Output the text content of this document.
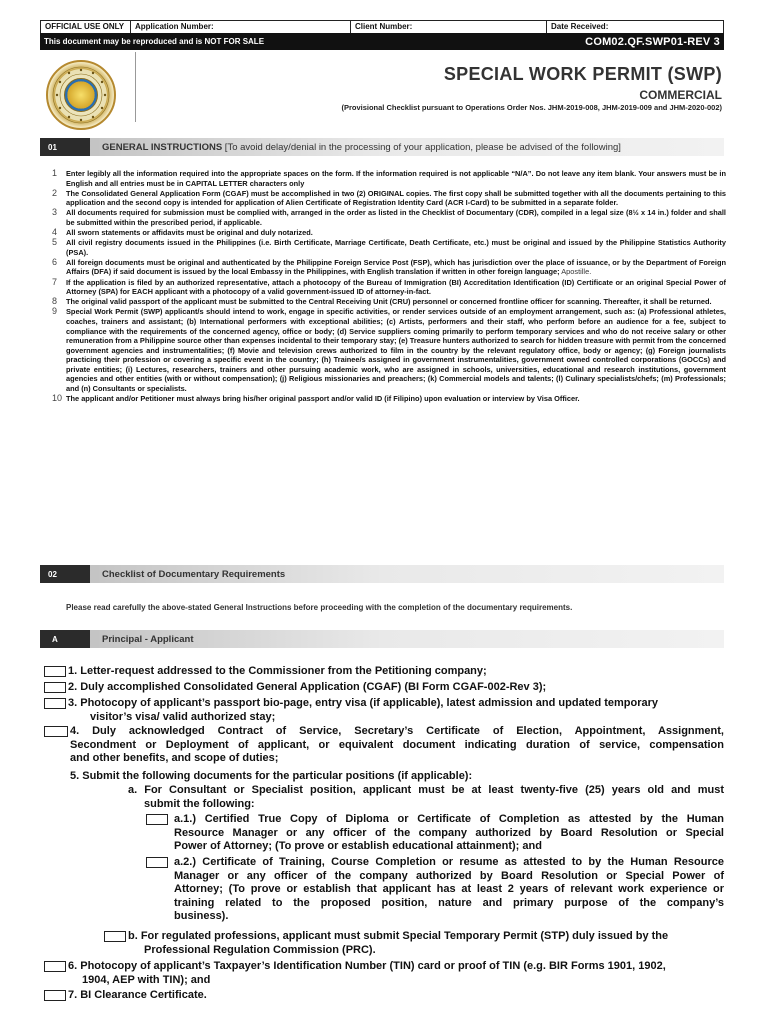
OFFICIAL USE ONLY	Application Number:	Client Number:	Date Received:
This document may be reproduced and is NOT FOR SALE	COM02.QF.SWP01-REV 3
SPECIAL WORK PERMIT (SWP)
COMMERCIAL
(Provisional Checklist pursuant to Operations Order Nos. JHM-2019-008, JHM-2019-009 and JHM-2020-002)
01	GENERAL INSTRUCTIONS [To avoid delay/denial in the processing of your application, please be advised of the following]
1	Enter legibly all the information required into the appropriate spaces on the form. If the information required is not applicable “N/A”. Do not leave any item blank. Your answers must be in English and all entries must be in CAPITAL LETTER characters only
2	The Consolidated General Application Form (CGAF) must be accomplished in two (2) ORIGINAL copies. The first copy shall be submitted together with all the documents pertaining to this application and the second copy is intended for application of Alien Certificate of Registration Identity Card (ACR I-Card) to be submitted in a separate folder.
3	All documents required for submission must be complied with, arranged in the order as listed in the Checklist of Documentary (CDR), compiled in a legal size (8½ x 14 in.) folder and shall be submitted within the prescribed period, if applicable.
4	All sworn statements or affidavits must be original and duly notarized.
5	All civil registry documents issued in the Philippines (i.e. Birth Certificate, Marriage Certificate, Death Certificate, etc.) must be original and issued by the Philippine Statistics Authority (PSA).
6	All foreign documents must be original and authenticated by the Philippine Foreign Service Post (FSP), which has jurisdiction over the place of issuance, or by the Department of Foreign Affairs (DFA) if said document is issued by the local Embassy in the Philippines, with English translation if written in other foreign language; Apostille.
7	If the application is filed by an authorized representative, attach a photocopy of the Bureau of Immigration (BI) Accreditation Identification (ID) Certificate or an original Special Power of Attorney (SPA) for EACH applicant with a photocopy of a valid government-issued ID of attorney-in-fact.
8	The original valid passport of the applicant must be submitted to the Central Receiving Unit (CRU) personnel or concerned frontline officer for scanning. Thereafter, it shall be returned.
9	Special Work Permit (SWP) applicant/s should intend to work, engage in specific activities, or render services outside of an employment arrangement, such as: (a) Professional athletes, coaches, trainers and assistant; (b) International performers with exceptional abilities; (c) Artists, performers and their staff, who perform before an audience for a fee, subject to compliance with the requirements of the concerned agency, office or body; (d) Service suppliers coming primarily to perform temporary services and who do not receive salary or other remuneration from a Philippine source other than expenses incidental to their temporary stay; (e) Treasure hunters authorized to search for hidden treasure with permit from the concerned government agencies and instrumentalities; (f) Movie and television crews authorized to film in the country by the relevant regulatory office, body or agency; (g) Foreign journalists practicing their profession or covering a specific event in the country; (h) Trainee/s assigned in government instrumentalities, government owned controlled corporations (GOCCs) and private entities; (i) Lectures, researchers, trainers and other pursuing academic work, who are assigned in schools, universities, educational and research institutions, government agencies and other entities (with or without compensation); (j) Religious missionaries and preachers; (k) Commercial models and talents; (l) Culinary specialists/chefs; (m) Professionals; and (n) Consultants or specialists.
10 The applicant and/or Petitioner must always bring his/her original passport and/or valid ID (if Filipino) upon evaluation or interview by Visa Officer.
02	Checklist of Documentary Requirements
Please read carefully the above-stated General Instructions before proceeding with the completion of the documentary requirements.
A	Principal - Applicant
1. Letter-request addressed to the Commissioner from the Petitioning company;
2. Duly accomplished Consolidated General Application (CGAF) (BI Form CGAF-002-Rev 3);
3. Photocopy of applicant’s passport bio-page, entry visa (if applicable), latest admission and updated temporary
visitor’s visa/ valid authorized stay;
4. Duly acknowledged Contract of Service, Secretary’s Certificate of Election, Appointment, Assignment,
Secondment or Deployment of applicant, or equivalent document indicating duration of service, compensation
and other benefits, and scope of duties;
5. Submit the following documents for the particular positions (if applicable):
a. For Consultant or Specialist position, applicant must be at least twenty-five (25) years old and must
submit the following:
a.1.) Certified True Copy of Diploma or Certificate of Completion as attested by the Human
Resource Manager or any officer of the company authorized by Board Resolution or Special
Power of Attorney; (To prove or establish educational attainment); and
a.2.) Certificate of Training, Course Completion or resume as attested to by the Human Resource
Manager or any officer of the company authorized by Board Resolution or Special Power of
Attorney; (To prove or establish that applicant has at least 2 years of relevant work experience or
training related to the proposed position, nature and primary purpose of the company’s
business).
b. For regulated professions, applicant must submit Special Temporary Permit (STP) duly issued by the
Professional Regulation Commission (PRC).
6. Photocopy of applicant’s Taxpayer’s Identification Number (TIN) card or proof of TIN (e.g. BIR Forms 1901, 1902,
1904, AEP with TIN); and
7. BI Clearance Certificate.
